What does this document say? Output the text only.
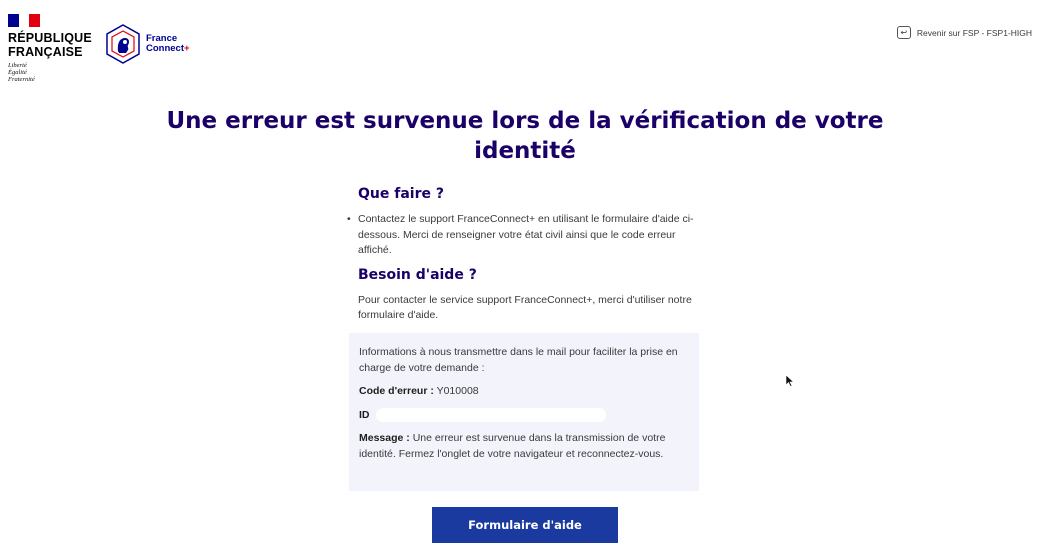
RÉPUBLIQUE
FRANÇAISE
Liberté
Égalité
Fraternité
France
Connect+
↩	Revenir sur FSP - FSP1-HIGH
Une erreur est survenue lors de la vérification de votre identité
Que faire ?
• Contactez le support FranceConnect+ en utilisant le formulaire d'aide ci-dessous. Merci de renseigner votre état civil ainsi que le code erreur affiché.
Besoin d'aide ?

Pour contacter le service support FranceConnect+, merci d'utiliser notre formulaire d'aide.

Informations à nous transmettre dans le mail pour faciliter la prise en charge de votre demande :
Code d'erreur : Y010008
ID
Message : Une erreur est survenue dans la transmission de votre identité. Fermez l'onglet de votre navigateur et reconnectez-vous.
Formulaire d'aide
